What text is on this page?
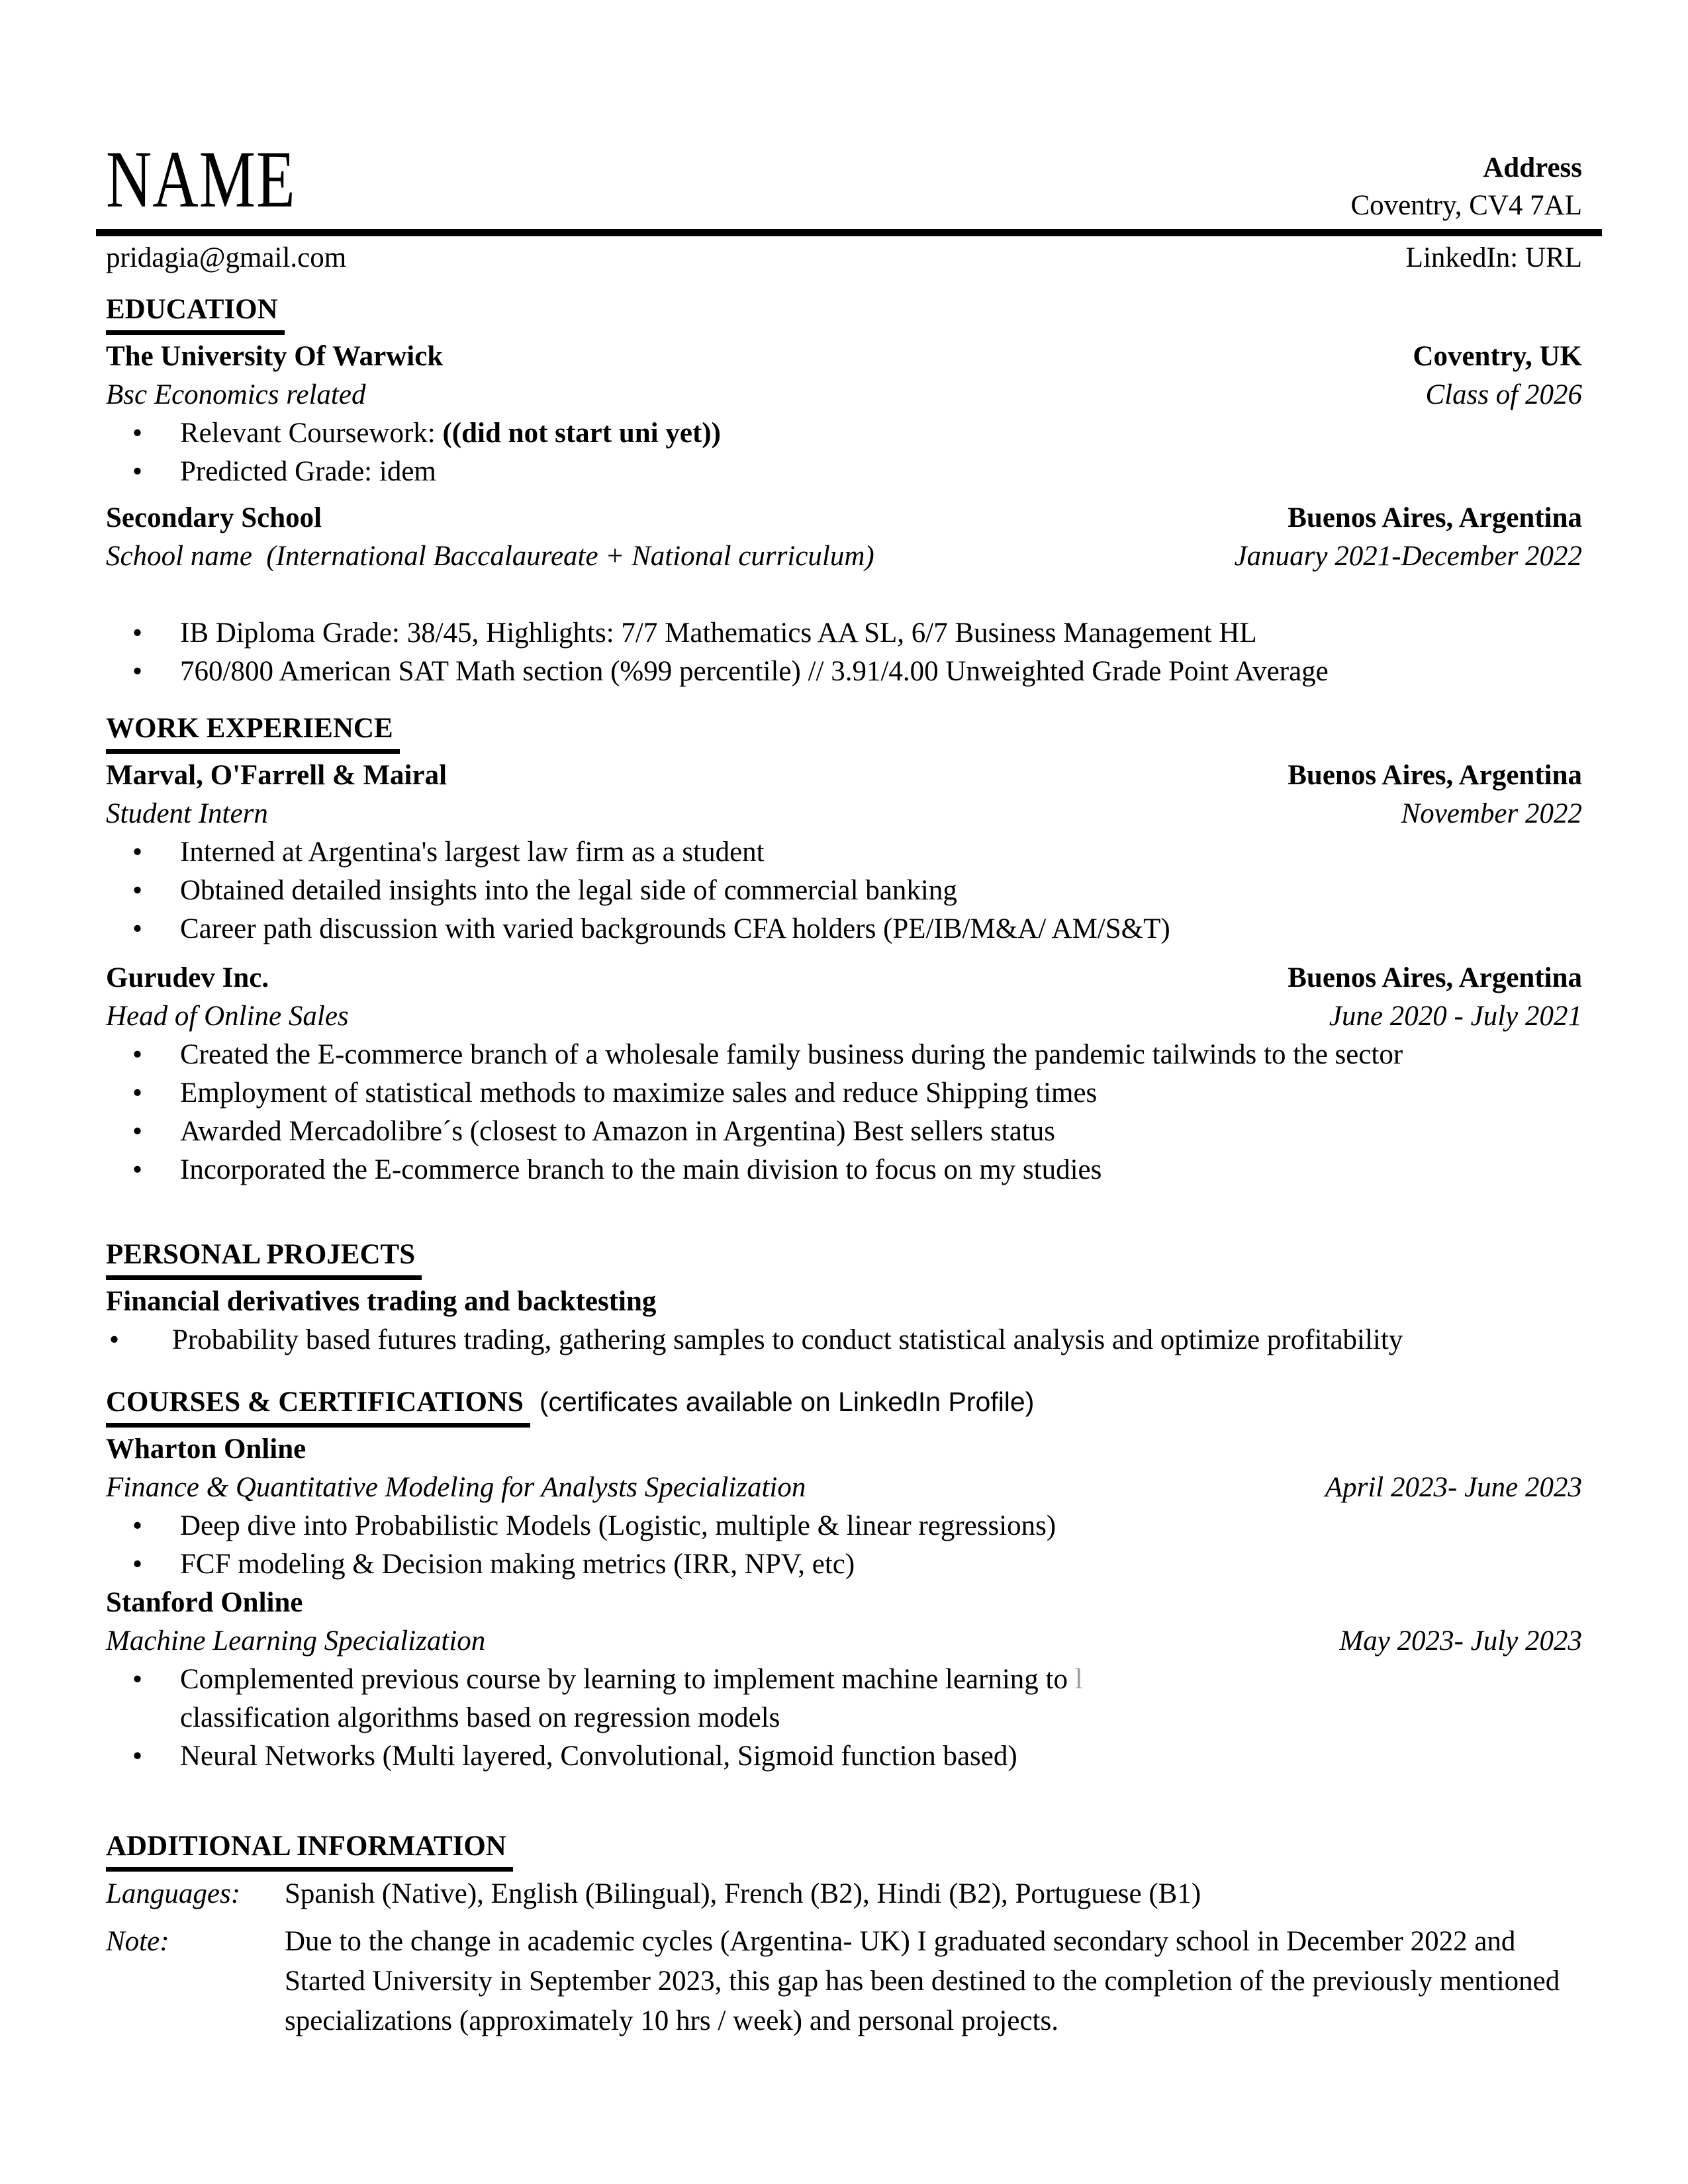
NAME	Address
Coventry, CV4 7AL
pridagia@gmail.com	LinkedIn: URL
EDUCATION
The University Of Warwick	Coventry, UK
Bsc Economics related	Class of 2026
•	Relevant Coursework: ((did not start uni yet))
•	Predicted Grade: idem
Secondary School	Buenos Aires, Argentina
School name  (International Baccalaureate + National curriculum)	January 2021-December 2022
•	IB Diploma Grade: 38/45, Highlights: 7/7 Mathematics AA SL, 6/7 Business Management HL
•	760/800 American SAT Math section (%99 percentile) // 3.91/4.00 Unweighted Grade Point Average
WORK EXPERIENCE
Marval, O'Farrell & Mairal	Buenos Aires, Argentina
Student Intern	November 2022
•	Interned at Argentina's largest law firm as a student
•	Obtained detailed insights into the legal side of commercial banking
•	Career path discussion with varied backgrounds CFA holders (PE/IB/M&A/ AM/S&T)
Gurudev Inc.	Buenos Aires, Argentina
Head of Online Sales	June 2020 - July 2021
•	Created the E-commerce branch of a wholesale family business during the pandemic tailwinds to the sector
•	Employment of statistical methods to maximize sales and reduce Shipping times
•	Awarded Mercadolibre´s (closest to Amazon in Argentina) Best sellers status
•	Incorporated the E-commerce branch to the main division to focus on my studies
PERSONAL PROJECTS
Financial derivatives trading and backtesting
•	Probability based futures trading, gathering samples to conduct statistical analysis and optimize profitability
COURSES & CERTIFICATIONS (certificates available on LinkedIn Profile)
Wharton Online
Finance & Quantitative Modeling for Analysts Specialization	April 2023- June 2023
•	Deep dive into Probabilistic Models (Logistic, multiple & linear regressions)
•	FCF modeling & Decision making metrics (IRR, NPV, etc)
Stanford Online
Machine Learning Specialization	May 2023- July 2023
•	Complemented previous course by learning to implement machine learning to l
classification algorithms based on regression models
•	Neural Networks (Multi layered, Convolutional, Sigmoid function based)
ADDITIONAL INFORMATION
Languages:	Spanish (Native), English (Bilingual), French (B2), Hindi (B2), Portuguese (B1)
Note:	Due to the change in academic cycles (Argentina- UK) I graduated secondary school in December 2022 and Started University in September 2023, this gap has been destined to the completion of the previously mentioned specializations (approximately 10 hrs / week) and personal projects.
